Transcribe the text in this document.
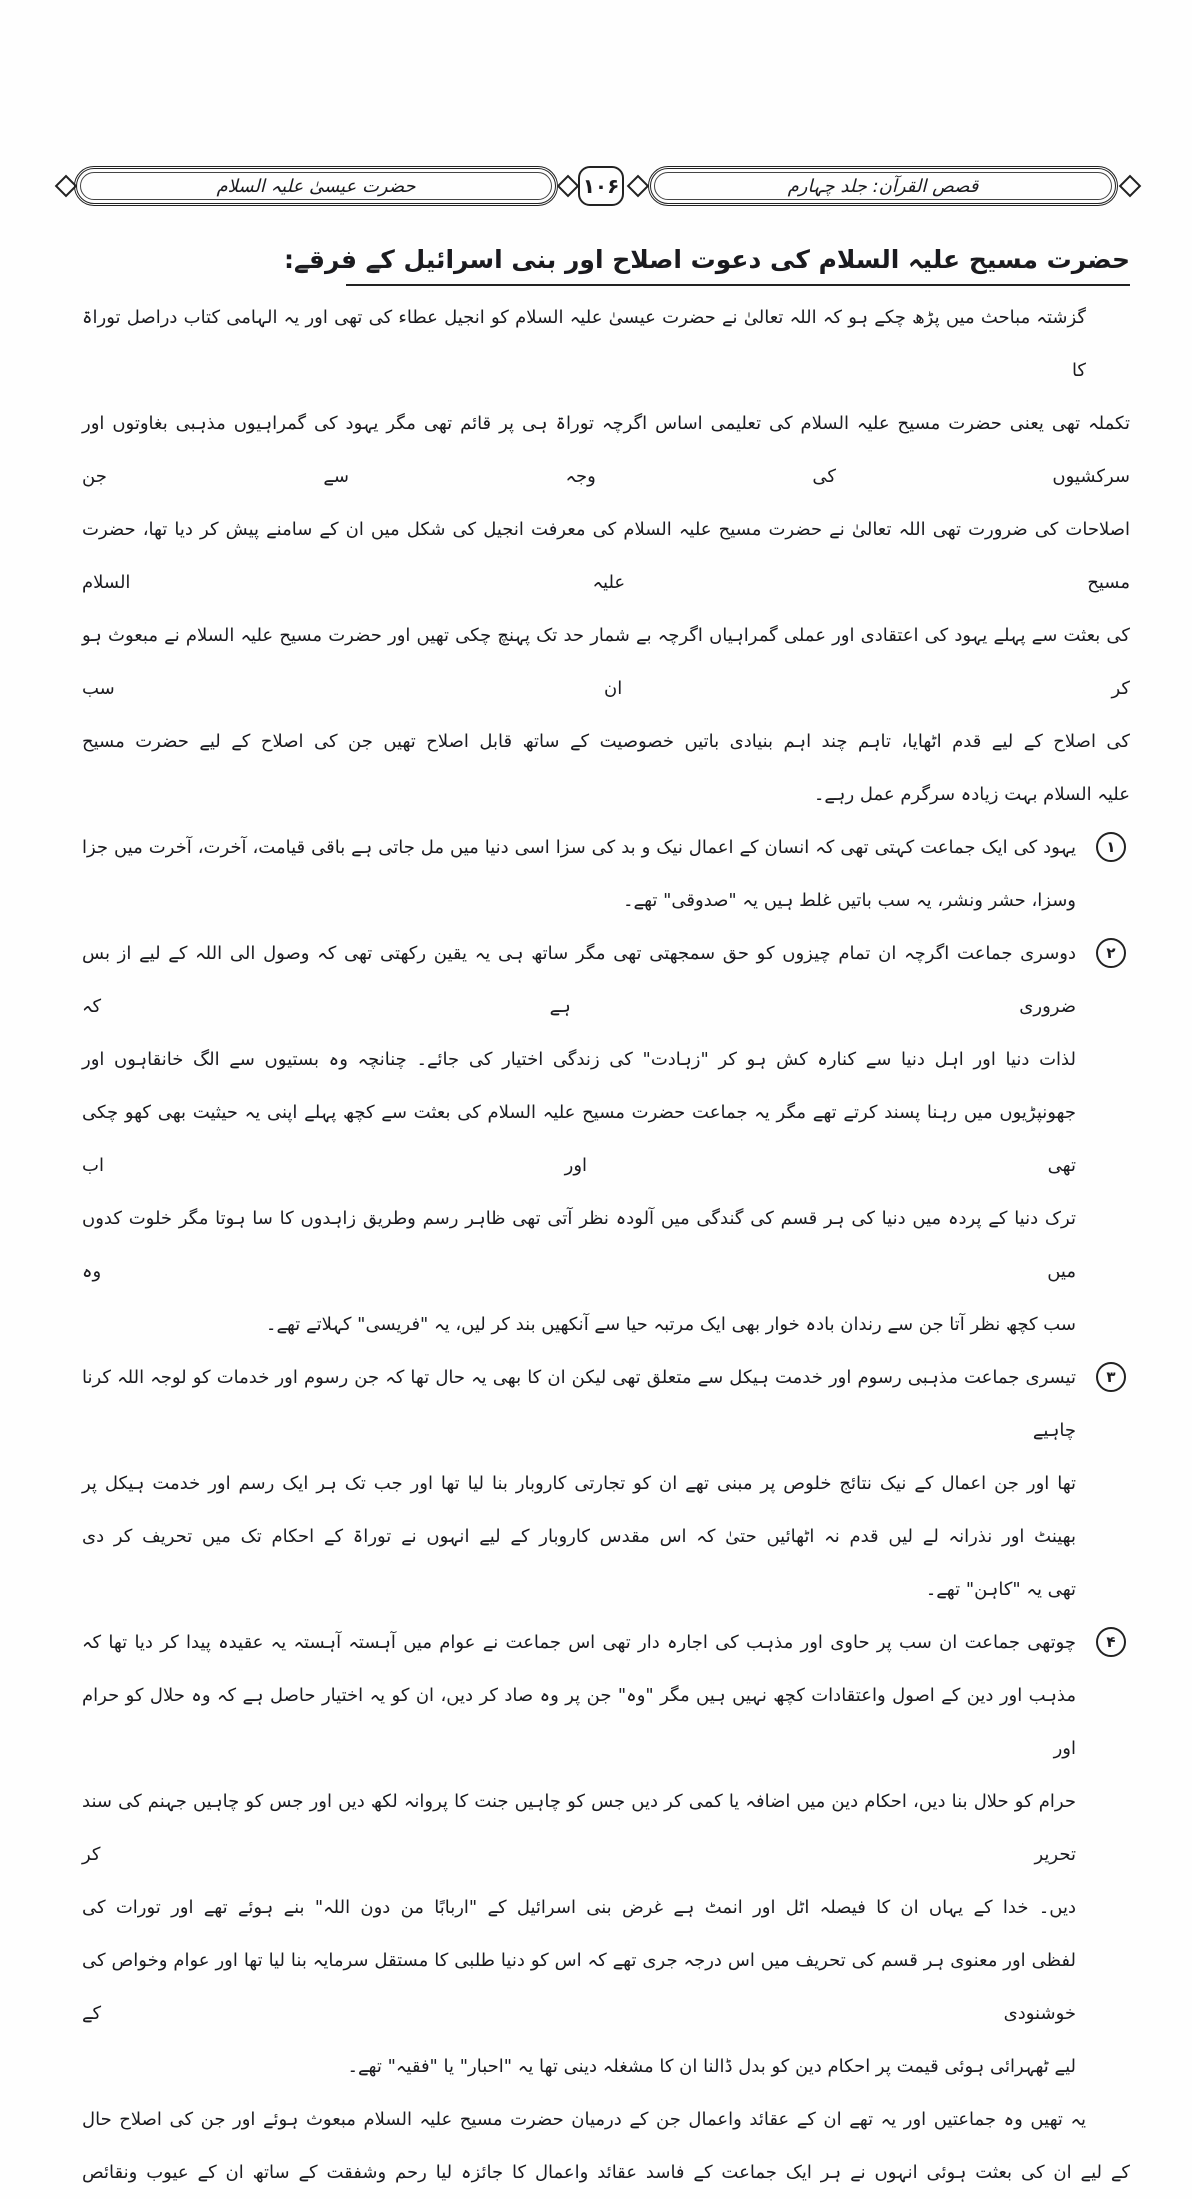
حضرت عیسیٰ علیہ السلام	۱۰۶	قصص القرآن: جلد چہارم
حضرت مسیح علیہ السلام کی دعوت اصلاح اور بنی اسرائیل کے فرقے:
گزشتہ مباحث میں پڑھ چکے ہو کہ اللہ تعالیٰ نے حضرت عیسیٰ علیہ السلام کو انجیل عطاء کی تھی اور یہ الہامی کتاب دراصل توراۃ کا
تکملہ تھی یعنی حضرت مسیح علیہ السلام کی تعلیمی اساس اگرچہ توراۃ ہی پر قائم تھی مگر یہود کی گمراہیوں مذہبی بغاوتوں اور سرکشیوں کی وجہ سے جن
اصلاحات کی ضرورت تھی اللہ تعالیٰ نے حضرت مسیح علیہ السلام کی معرفت انجیل کی شکل میں ان کے سامنے پیش کر دیا تھا، حضرت مسیح علیہ السلام
کی بعثت سے پہلے یہود کی اعتقادی اور عملی گمراہیاں اگرچہ بے شمار حد تک پہنچ چکی تھیں اور حضرت مسیح علیہ السلام نے مبعوث ہو کر ان سب
کی اصلاح کے لیے قدم اٹھایا، تاہم چند اہم بنیادی باتیں خصوصیت کے ساتھ قابل اصلاح تھیں جن کی اصلاح کے لیے حضرت مسیح
علیہ السلام بہت زیادہ سرگرم عمل رہے۔
۱
یہود کی ایک جماعت کہتی تھی کہ انسان کے اعمال نیک و بد کی سزا اسی دنیا میں مل جاتی ہے باقی قیامت، آخرت، آخرت میں جزا
وسزا، حشر ونشر، یہ سب باتیں غلط ہیں یہ "صدوقی" تھے۔
۲
دوسری جماعت اگرچہ ان تمام چیزوں کو حق سمجھتی تھی مگر ساتھ ہی یہ یقین رکھتی تھی کہ وصول الی اللہ کے لیے از بس ضروری ہے کہ
لذات دنیا اور اہل دنیا سے کنارہ کش ہو کر "زہادت" کی زندگی اختیار کی جائے۔ چنانچہ وہ بستیوں سے الگ خانقاہوں اور
جھونپڑیوں میں رہنا پسند کرتے تھے مگر یہ جماعت حضرت مسیح علیہ السلام کی بعثت سے کچھ پہلے اپنی یہ حیثیت بھی کھو چکی تھی اور اب
ترک دنیا کے پردہ میں دنیا کی ہر قسم کی گندگی میں آلودہ نظر آتی تھی ظاہر رسم وطریق زاہدوں کا سا ہوتا مگر خلوت کدوں میں وہ
سب کچھ نظر آتا جن سے رندان بادہ خوار بھی ایک مرتبہ حیا سے آنکھیں بند کر لیں، یہ "فریسی" کہلاتے تھے۔
۳
تیسری جماعت مذہبی رسوم اور خدمت ہیکل سے متعلق تھی لیکن ان کا بھی یہ حال تھا کہ جن رسوم اور خدمات کو لوجہ اللہ کرنا چاہیے
تھا اور جن اعمال کے نیک نتائج خلوص پر مبنی تھے ان کو تجارتی کاروبار بنا لیا تھا اور جب تک ہر ایک رسم اور خدمت ہیکل پر
بھینٹ اور نذرانہ لے لیں قدم نہ اٹھائیں حتیٰ کہ اس مقدس کاروبار کے لیے انہوں نے توراۃ کے احکام تک میں تحریف کر دی
تھی یہ "کاہن" تھے۔
۴
چوتھی جماعت ان سب پر حاوی اور مذہب کی اجارہ دار تھی اس جماعت نے عوام میں آہستہ آہستہ یہ عقیدہ پیدا کر دیا تھا کہ
مذہب اور دین کے اصول واعتقادات کچھ نہیں ہیں مگر "وہ" جن پر وہ صاد کر دیں، ان کو یہ اختیار حاصل ہے کہ وہ حلال کو حرام اور
حرام کو حلال بنا دیں، احکام دین میں اضافہ یا کمی کر دیں جس کو چاہیں جنت کا پروانہ لکھ دیں اور جس کو چاہیں جہنم کی سند تحریر کر
دیں۔ خدا کے یہاں ان کا فیصلہ اٹل اور انمٹ ہے غرض بنی اسرائیل کے "اربابًا من دون اللہ" بنے ہوئے تھے اور تورات کی
لفظی اور معنوی ہر قسم کی تحریف میں اس درجہ جری تھے کہ اس کو دنیا طلبی کا مستقل سرمایہ بنا لیا تھا اور عوام وخواص کی خوشنودی کے
لیے ٹھہرائی ہوئی قیمت پر احکام دین کو بدل ڈالنا ان کا مشغلہ دینی تھا یہ "احبار" یا "فقیہ" تھے۔
یہ تھیں وہ جماعتیں اور یہ تھے ان کے عقائد واعمال جن کے درمیان حضرت مسیح علیہ السلام مبعوث ہوئے اور جن کی اصلاح حال
کے لیے ان کی بعثت ہوئی انہوں نے ہر ایک جماعت کے فاسد عقائد واعمال کا جائزہ لیا رحم وشفقت کے ساتھ ان کے عیوب ونقائص
